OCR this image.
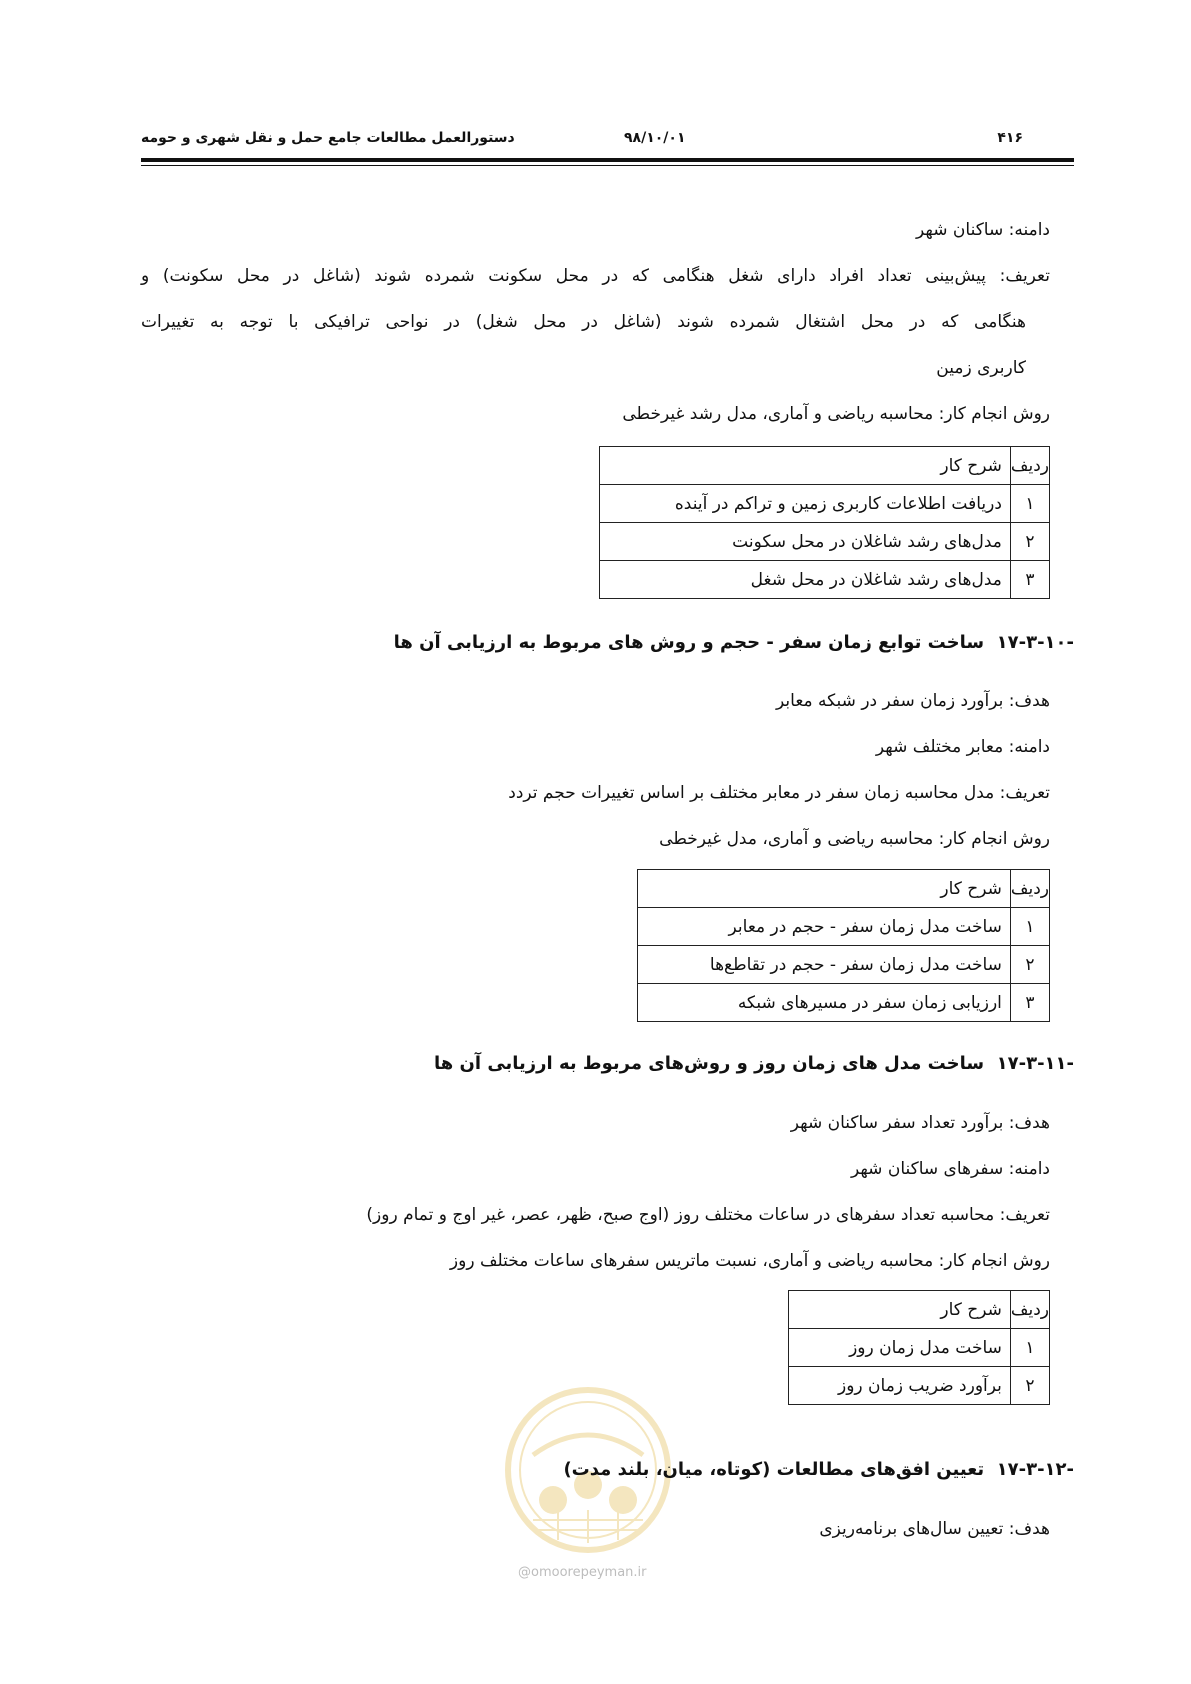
۴۱۶
۹۸/۱۰/۰۱
دستورالعمل مطالعات جامع حمل و نقل شهری و حومه
دامنه: ساکنان شهر
تعریف: پیش‌بینی تعداد افراد دارای شغل هنگامی که در محل سکونت شمرده شوند (شاغل در محل سکونت) و
هنگامی که در محل اشتغال شمرده شوند (شاغل در محل شغل) در نواحی ترافیکی با توجه به تغییرات
کاربری زمین
روش انجام کار: محاسبه ریاضی و آماری، مدل رشد غیرخطی
ردیف	شرح کار
۱	دریافت اطلاعات کاربری زمین و تراکم در آینده
۲	مدل‌های رشد شاغلان در محل سکونت
۳	مدل‌های رشد شاغلان در محل شغل
۱۷-۳-۱۰-  ساخت توابع زمان سفر - حجم و روش های مربوط به ارزیابی آن ها
هدف: برآورد زمان سفر در شبکه معابر
دامنه: معابر مختلف شهر
تعریف: مدل محاسبه زمان سفر در معابر مختلف بر اساس تغییرات حجم تردد
روش انجام کار: محاسبه ریاضی و آماری، مدل غیرخطی
ردیف	شرح کار
۱	ساخت مدل زمان سفر - حجم در معابر
۲	ساخت مدل زمان سفر - حجم در تقاطع‌ها
۳	ارزیابی زمان سفر در مسیرهای شبکه
۱۷-۳-۱۱-  ساخت مدل های زمان روز و روش‌های مربوط به ارزیابی آن ها
هدف: برآورد تعداد سفر ساکنان شهر
دامنه: سفرهای ساکنان شهر
تعریف: محاسبه تعداد سفرهای در ساعات مختلف روز (اوج صبح، ظهر، عصر، غیر اوج و تمام روز)
روش انجام کار: محاسبه ریاضی و آماری، نسبت ماتریس سفرهای ساعات مختلف روز
ردیف	شرح کار
۱	ساخت مدل زمان روز
۲	برآورد ضریب زمان روز
@omoorepeyman.ir
۱۷-۳-۱۲-  تعیین افق‌های مطالعات (کوتاه، میان، بلند مدت)
هدف: تعیین سال‌های برنامه‌ریزی
